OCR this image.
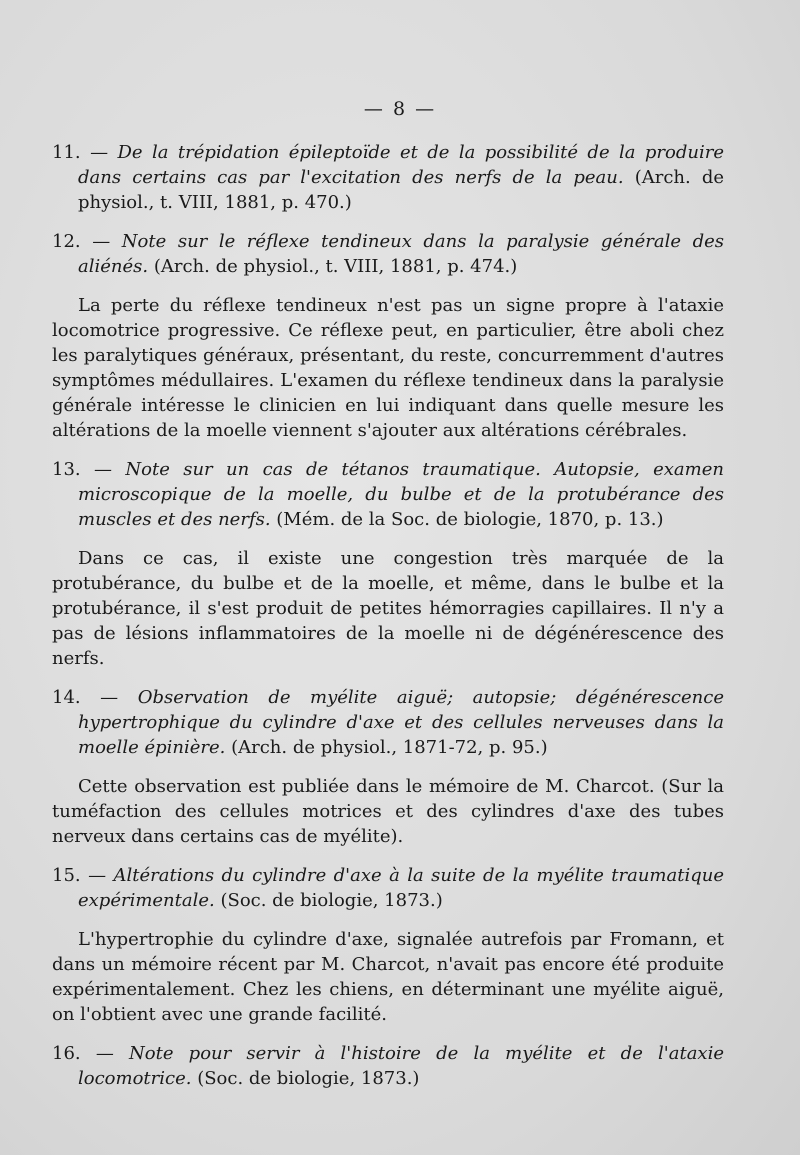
— 8 —

11. — De la trépidation épileptoïde et de la possibilité de la produire dans certains cas par l'excitation des nerfs de la peau. (Arch. de physiol., t. VIII, 1881, p. 470.)

12. — Note sur le réflexe tendineux dans la paralysie générale des aliénés. (Arch. de physiol., t. VIII, 1881, p. 474.)

La perte du réflexe tendineux n'est pas un signe propre à l'ataxie locomotrice progressive. Ce réflexe peut, en particulier, être aboli chez les paralytiques généraux, présentant, du reste, concurremment d'autres symptômes médullaires. L'examen du réflexe tendineux dans la paralysie générale intéresse le clinicien en lui indiquant dans quelle mesure les altérations de la moelle viennent s'ajouter aux altérations cérébrales.

13. — Note sur un cas de tétanos traumatique. Autopsie, examen microscopique de la moelle, du bulbe et de la protubérance des muscles et des nerfs. (Mém. de la Soc. de biologie, 1870, p. 13.)

Dans ce cas, il existe une congestion très marquée de la protubérance, du bulbe et de la moelle, et même, dans le bulbe et la protubérance, il s'est produit de petites hémorragies capillaires. Il n'y a pas de lésions inflammatoires de la moelle ni de dégénérescence des nerfs.

14. — Observation de myélite aiguë; autopsie; dégénérescence hypertrophique du cylindre d'axe et des cellules nerveuses dans la moelle épinière. (Arch. de physiol., 1871-72, p. 95.)

Cette observation est publiée dans le mémoire de M. Charcot. (Sur la tuméfaction des cellules motrices et des cylindres d'axe des tubes nerveux dans certains cas de myélite).

15. — Altérations du cylindre d'axe à la suite de la myélite traumatique expérimentale. (Soc. de biologie, 1873.)

L'hypertrophie du cylindre d'axe, signalée autrefois par Fromann, et dans un mémoire récent par M. Charcot, n'avait pas encore été produite expérimentalement. Chez les chiens, en déterminant une myélite aiguë, on l'obtient avec une grande facilité.

16. — Note pour servir à l'histoire de la myélite et de l'ataxie locomotrice. (Soc. de biologie, 1873.)
